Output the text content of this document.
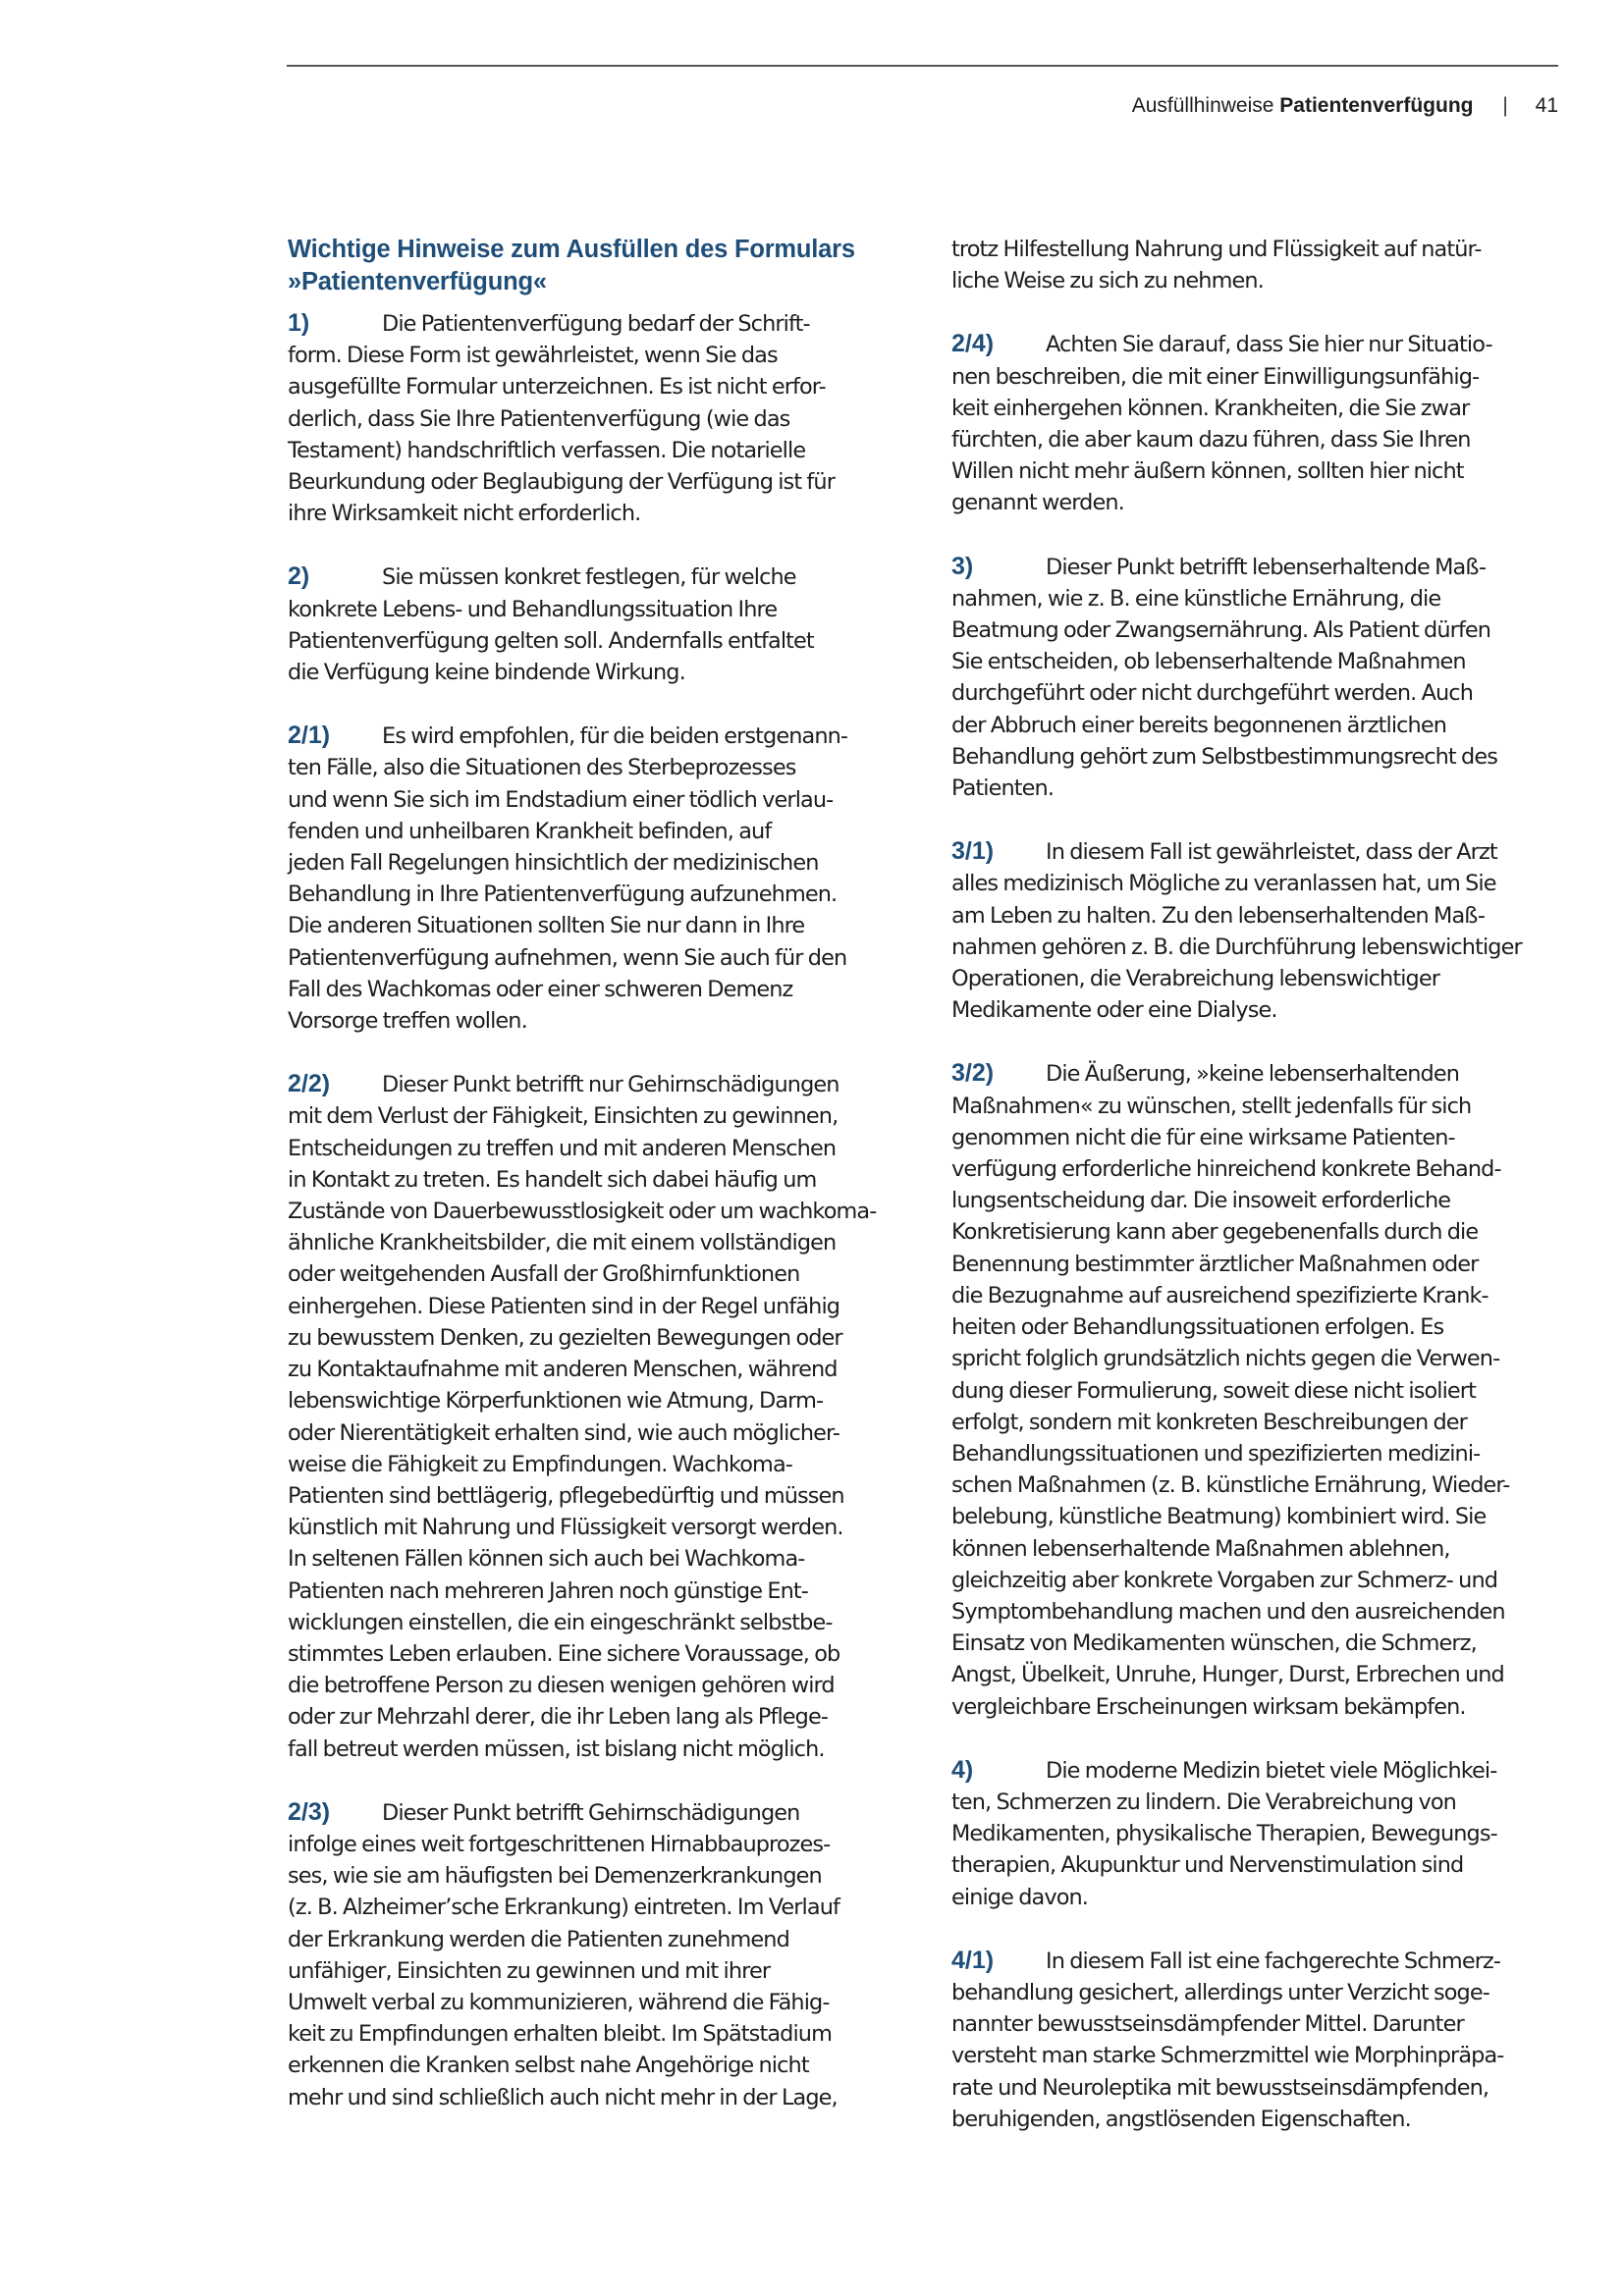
Ausfüllhinweise Patientenverfügung | 41
Wichtige Hinweise zum Ausfüllen des Formulars
»Patientenverfügung«

1)	Die Patientenverfügung bedarf der Schrift-
form. Diese Form ist gewährleistet, wenn Sie das
ausgefüllte Formular unterzeichnen. Es ist nicht erfor-
derlich, dass Sie Ihre Patientenverfügung (wie das
Testament) handschriftlich verfassen. Die notarielle
Beurkundung oder Beglaubigung der Verfügung ist für
ihre Wirksamkeit nicht erforderlich.

2)	Sie müssen konkret festlegen, für welche
konkrete Lebens- und Behandlungssituation Ihre
Patientenverfügung gelten soll. Andernfalls entfaltet
die Verfügung keine bindende Wirkung.

2/1) Es wird empfohlen, für die beiden erstgenann-
ten Fälle, also die Situationen des Sterbeprozesses
und wenn Sie sich im Endstadium einer tödlich verlau-
fenden und unheilbaren Krankheit befinden, auf
jeden Fall Regelungen hinsichtlich der medizinischen
Behandlung in Ihre Patientenverfügung aufzunehmen.
Die anderen Situationen sollten Sie nur dann in Ihre
Patientenverfügung aufnehmen, wenn Sie auch für den
Fall des Wachkomas oder einer schweren Demenz
Vorsorge treffen wollen.

2/2) Dieser Punkt betrifft nur Gehirnschädigungen
mit dem Verlust der Fähigkeit, Einsichten zu gewinnen,
Entscheidungen zu treffen und mit anderen Menschen
in Kontakt zu treten. Es handelt sich dabei häufig um
Zustände von Dauerbewusstlosigkeit oder um wachkoma-
ähnliche Krankheitsbilder, die mit einem vollständigen
oder weitgehenden Ausfall der Großhirnfunktionen
einhergehen. Diese Patienten sind in der Regel unfähig
zu bewusstem Denken, zu gezielten Bewegungen oder
zu Kontaktaufnahme mit anderen Menschen, während
lebenswichtige Körperfunktionen wie Atmung, Darm-
oder Nierentätigkeit erhalten sind, wie auch möglicher-
weise die Fähigkeit zu Empfindungen. Wachkoma-
Patienten sind bettlägerig, pflegebedürftig und müssen
künstlich mit Nahrung und Flüssigkeit versorgt werden.
In seltenen Fällen können sich auch bei Wachkoma-
Patienten nach mehreren Jahren noch günstige Ent-
wicklungen einstellen, die ein eingeschränkt selbstbe-
stimmtes Leben erlauben. Eine sichere Voraussage, ob
die betroffene Person zu diesen wenigen gehören wird
oder zur Mehrzahl derer, die ihr Leben lang als Pflege-
fall betreut werden müssen, ist bislang nicht möglich.

2/3) Dieser Punkt betrifft Gehirnschädigungen
infolge eines weit fortgeschrittenen Hirnabbauprozes-
ses, wie sie am häufigsten bei Demenzerkrankungen
(z. B. Alzheimer’sche Erkrankung) eintreten. Im Verlauf
der Erkrankung werden die Patienten zunehmend
unfähiger, Einsichten zu gewinnen und mit ihrer
Umwelt verbal zu kommunizieren, während die Fähig-
keit zu Empfindungen erhalten bleibt. Im Spätstadium
erkennen die Kranken selbst nahe Angehörige nicht
mehr und sind schließlich auch nicht mehr in der Lage,

trotz Hilfestellung Nahrung und Flüssigkeit auf natür-
liche Weise zu sich zu nehmen.

2/4) Achten Sie darauf, dass Sie hier nur Situatio-
nen beschreiben, die mit einer Einwilligungsunfähig-
keit einhergehen können. Krankheiten, die Sie zwar
fürchten, die aber kaum dazu führen, dass Sie Ihren
Willen nicht mehr äußern können, sollten hier nicht
genannt werden.

3)	Dieser Punkt betrifft lebenserhaltende Maß-
nahmen, wie z. B. eine künstliche Ernährung, die
Beatmung oder Zwangsernährung. Als Patient dürfen
Sie entscheiden, ob lebenserhaltende Maßnahmen
durchgeführt oder nicht durchgeführt werden. Auch
der Abbruch einer bereits begonnenen ärztlichen
Behandlung gehört zum Selbstbestimmungsrecht des
Patienten.

3/1) In diesem Fall ist gewährleistet, dass der Arzt
alles medizinisch Mögliche zu veranlassen hat, um Sie
am Leben zu halten. Zu den lebenserhaltenden Maß-
nahmen gehören z. B. die Durchführung lebenswichtiger
Operationen, die Verabreichung lebenswichtiger
Medikamente oder eine Dialyse.

3/2) Die Äußerung, »keine lebenserhaltenden
Maßnahmen« zu wünschen, stellt jedenfalls für sich
genommen nicht die für eine wirksame Patienten-
verfügung erforderliche hinreichend konkrete Behand-
lungsentscheidung dar. Die insoweit erforderliche
Konkretisierung kann aber gegebenenfalls durch die
Benennung bestimmter ärztlicher Maßnahmen oder
die Bezugnahme auf ausreichend spezifizierte Krank-
heiten oder Behandlungssituationen erfolgen. Es
spricht folglich grundsätzlich nichts gegen die Verwen-
dung dieser Formulierung, soweit diese nicht isoliert
erfolgt, sondern mit konkreten Beschreibungen der
Behandlungssituationen und spezifizierten medizini-
schen Maßnahmen (z. B. künstliche Ernährung, Wieder-
belebung, künstliche Beatmung) kombiniert wird. Sie
können lebenserhaltende Maßnahmen ablehnen,
gleichzeitig aber konkrete Vorgaben zur Schmerz- und
Symptombehandlung machen und den ausreichenden
Einsatz von Medikamenten wünschen, die Schmerz,
Angst, Übelkeit, Unruhe, Hunger, Durst, Erbrechen und
vergleichbare Erscheinungen wirksam bekämpfen.

4)	Die moderne Medizin bietet viele Möglichkei-
ten, Schmerzen zu lindern. Die Verabreichung von
Medikamenten, physikalische Therapien, Bewegungs-
therapien, Akupunktur und Nervenstimulation sind
einige davon.

4/1) In diesem Fall ist eine fachgerechte Schmerz-
behandlung gesichert, allerdings unter Verzicht soge-
nannter bewusstseinsdämpfender Mittel. Darunter
versteht man starke Schmerzmittel wie Morphinpräpa-
rate und Neuroleptika mit bewusstseinsdämpfenden,
beruhigenden, angstlösenden Eigenschaften.
